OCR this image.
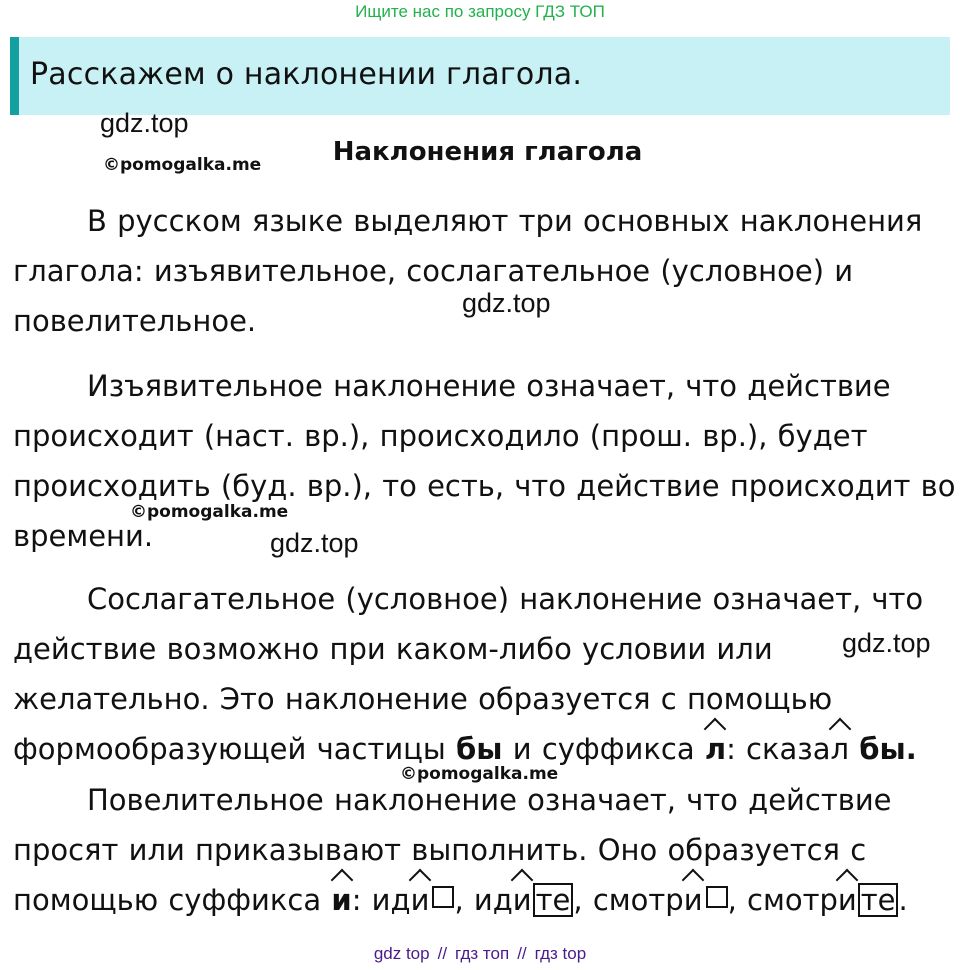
Ищите нас по запросу ГДЗ ТОП
Расскажем о наклонении глагола.
gdz.top
©pomogalka.me	Наклонения глагола
В русском языке выделяют три основных наклонения
глагола: изъявительное, сослагательное (условное) и
повелительное.
gdz.top
Изъявительное наклонение означает, что действие
происходит (наст. вр.), происходило (прош. вр.), будет
происходить (буд. вр.), то есть, что действие происходит во
времени.
©pomogalka.me
gdz.top
Сослагательное (условное) наклонение означает, что
действие возможно при каком-либо условии или
желательно. Это наклонение образуется с помощью
формообразующей частицы бы и суффикса л: сказал бы.
gdz.top
©pomogalka.me
Повелительное наклонение означает, что действие
просят или приказывают выполнить. Оно образуется с
помощью суффикса и: иди , иди те , смотри , смотри те .
gdz top // гдз топ // гдз top
